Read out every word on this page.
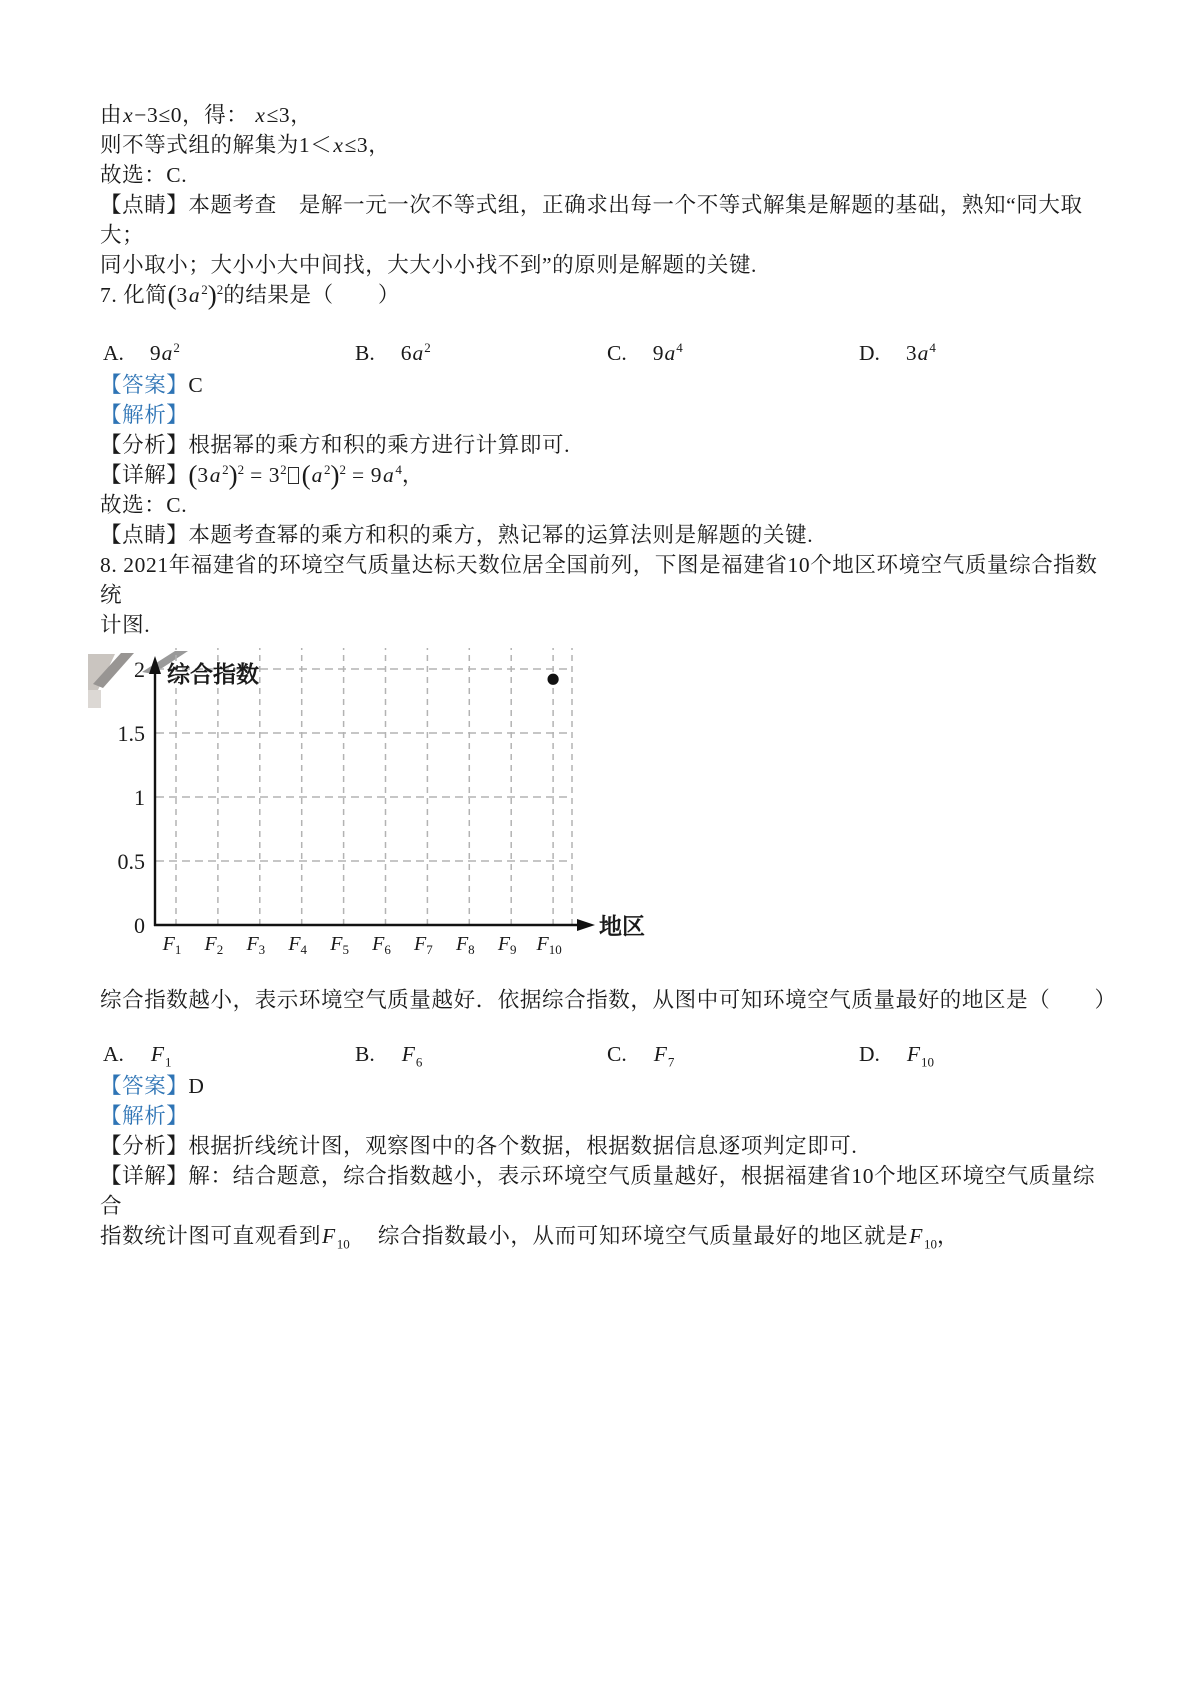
由x−3≤0，得： x≤3，

则不等式组的解集为1＜x≤3，

故选：C.

【点睛】本题考查　是解一元一次不等式组，正确求出每一个不等式解集是解题的基础，熟知“同大取大；
同小取小；大小小大中间找，大大小小找不到”的原则是解题的关键.

7. 化简$(3a^2)^2$的结果是（　　）

A. $9a^2$	B. $6a^2$	C. $9a^4$	D. $3a^4$

【答案】C

【解析】

【分析】根据幂的乘方和积的乘方进行计算即可.

【详解】$(3a^2)^2 = 3^2$ $(a^2)^2 = 9a^4$，

故选：C.

【点睛】本题考查幂的乘方和积的乘方，熟记幂的运算法则是解题的关键.

8. 2021年福建省的环境空气质量达标天数位居全国前列，下图是福建省10个地区环境空气质量综合指数统
计图.

综合指数
地区
0
0.5
1
1.5
2
$F_1$ $F_2$ $F_3$ $F_4$ $F_5$ $F_6$ $F_7$ $F_8$ $F_9$ $F_{10}$

综合指数越小，表示环境空气质量越好．依据综合指数，从图中可知环境空气质量最好的地区是（　　）

A. $F_1$	B. $F_6$	C. $F_7$	D. $F_{10}$

【答案】D

【解析】

【分析】根据折线统计图，观察图中的各个数据，根据数据信息逐项判定即可.

【详解】解：结合题意，综合指数越小，表示环境空气质量越好，根据福建省10个地区环境空气质量综合

指数统计图可直观看到$F_{10}$　 综合指数最小，从而可知环境空气质量最好的地区就是$F_{10}$，
